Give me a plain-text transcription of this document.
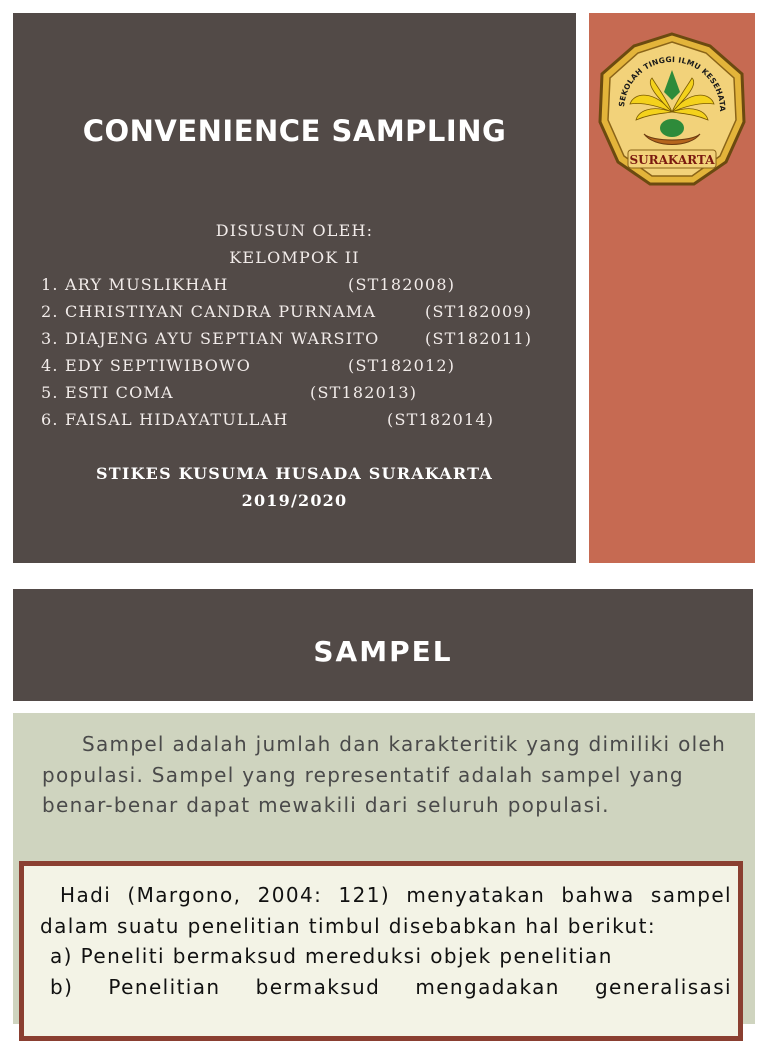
CONVENIENCE SAMPLING
DISUSUN OLEH:
KELOMPOK II
1. ARY MUSLIKHAH	(ST182008)
2. CHRISTIYAN CANDRA PURNAMA	(ST182009)
3. DIAJENG AYU SEPTIAN WARSITO	(ST182011)
4. EDY SEPTIWIBOWO	(ST182012)
5. ESTI COMA	(ST182013)
6. FAISAL HIDAYATULLAH	(ST182014)
STIKES KUSUMA HUSADA SURAKARTA
2019/2020
SEKOLAH TINGGI ILMU KESEHATA
SURAKARTA
SAMPEL
Sampel adalah jumlah dan karakteritik yang dimiliki oleh populasi. Sampel yang representatif adalah sampel yang benar-benar dapat mewakili dari seluruh populasi.
Hadi (Margono, 2004: 121) menyatakan bahwa sampel dalam suatu penelitian timbul disebabkan hal berikut:
a) Peneliti bermaksud mereduksi objek penelitian
b) Penelitian bermaksud mengadakan generalisasi
